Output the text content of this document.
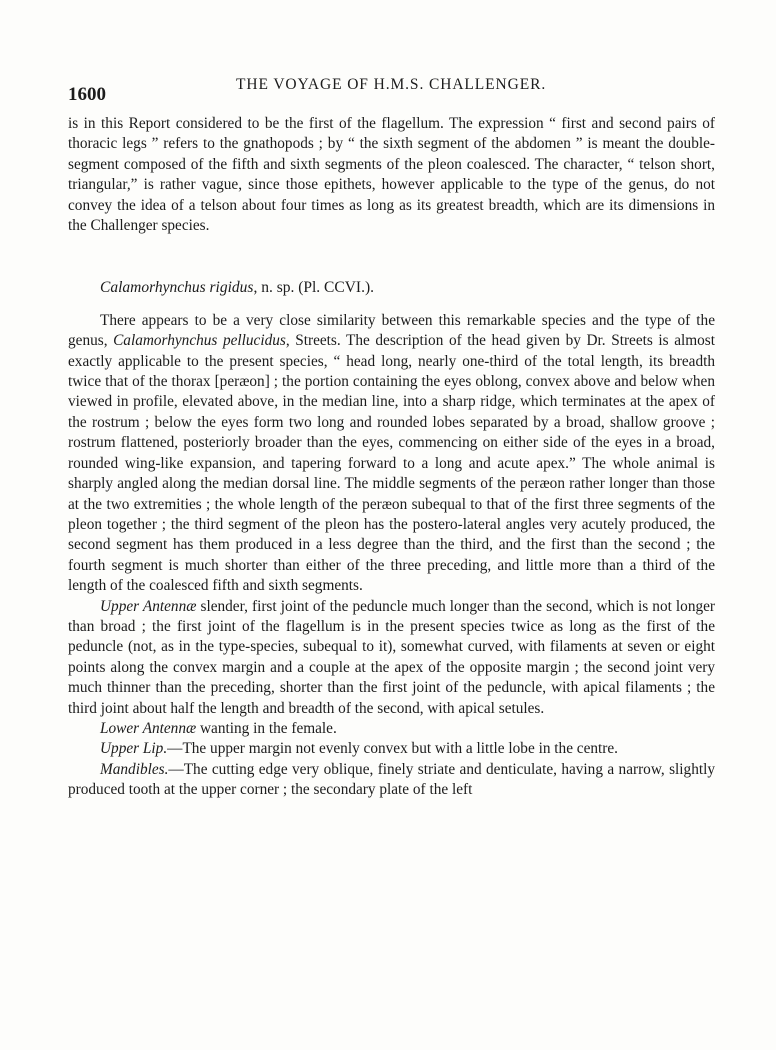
1600	THE VOYAGE OF H.M.S. CHALLENGER.

is in this Report considered to be the first of the flagellum. The expression “ first and second pairs of thoracic legs ” refers to the gnathopods ; by “ the sixth segment of the abdomen ” is meant the double-segment composed of the fifth and sixth segments of the pleon coalesced. The character, “ telson short, triangular,” is rather vague, since those epithets, however applicable to the type of the genus, do not convey the idea of a telson about four times as long as its greatest breadth, which are its dimensions in the Challenger species.

Calamorhynchus rigidus, n. sp. (Pl. CCVI.).

There appears to be a very close similarity between this remarkable species and the type of the genus, Calamorhynchus pellucidus, Streets. The description of the head given by Dr. Streets is almost exactly applicable to the present species, “ head long, nearly one-third of the total length, its breadth twice that of the thorax [peræon] ; the portion containing the eyes oblong, convex above and below when viewed in profile, elevated above, in the median line, into a sharp ridge, which terminates at the apex of the rostrum ; below the eyes form two long and rounded lobes separated by a broad, shallow groove ; rostrum flattened, posteriorly broader than the eyes, commencing on either side of the eyes in a broad, rounded wing-like expansion, and tapering forward to a long and acute apex.” The whole animal is sharply angled along the median dorsal line. The middle segments of the peræon rather longer than those at the two extremities ; the whole length of the peræon subequal to that of the first three segments of the pleon together ; the third segment of the pleon has the postero-lateral angles very acutely produced, the second segment has them produced in a less degree than the third, and the first than the second ; the fourth segment is much shorter than either of the three preceding, and little more than a third of the length of the coalesced fifth and sixth segments.

Upper Antennæ slender, first joint of the peduncle much longer than the second, which is not longer than broad ; the first joint of the flagellum is in the present species twice as long as the first of the peduncle (not, as in the type-species, subequal to it), somewhat curved, with filaments at seven or eight points along the convex margin and a couple at the apex of the opposite margin ; the second joint very much thinner than the preceding, shorter than the first joint of the peduncle, with apical filaments ; the third joint about half the length and breadth of the second, with apical setules.

Lower Antennæ wanting in the female.

Upper Lip.—The upper margin not evenly convex but with a little lobe in the centre.

Mandibles.—The cutting edge very oblique, finely striate and denticulate, having a narrow, slightly produced tooth at the upper corner ; the secondary plate of the left
